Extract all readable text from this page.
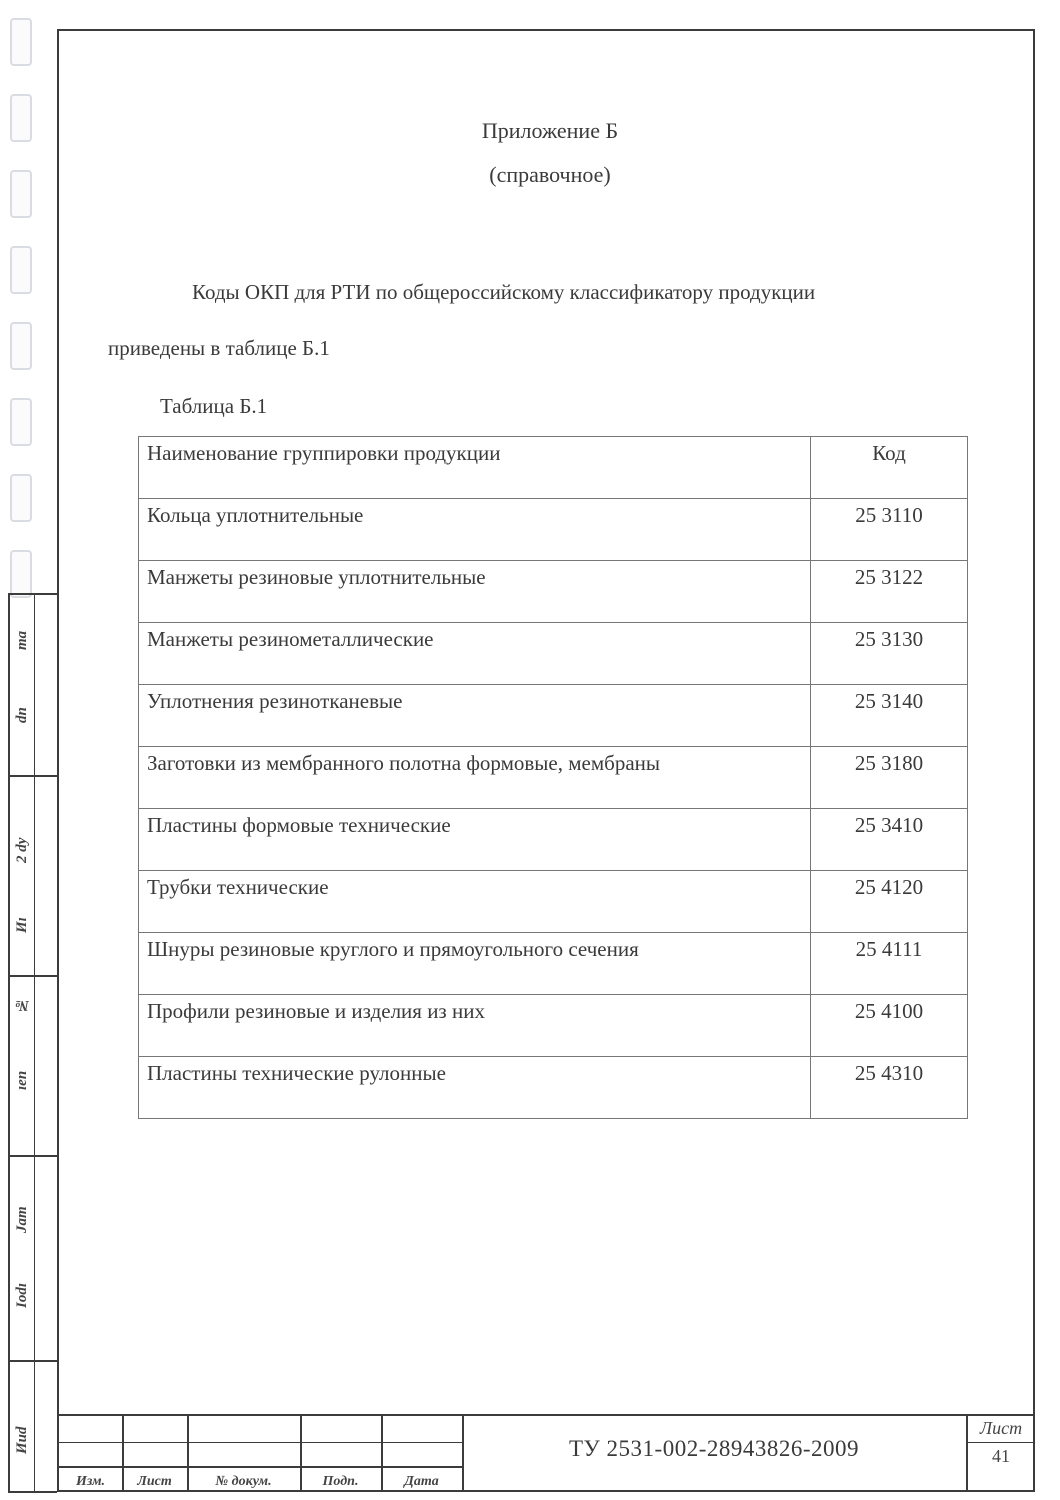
ma
dn
2 dy
Иı
№
ıen
Jam
Iodı
Ииd
Приложение Б
(справочное)
Коды ОКП для РТИ по общероссийскому классификатору продукции
приведены в таблице Б.1
Таблица Б.1
Наименование группировки продукции	Код
Кольца уплотнительные	25 3110
Манжеты резиновые уплотнительные	25 3122
Манжеты резинометаллические	25 3130
Уплотнения резинотканевые	25 3140
Заготовки из мембранного полотна формовые, мембраны	25 3180
Пластины формовые технические	25 3410
Трубки технические	25 4120
Шнуры резиновые круглого и прямоугольного сечения	25 4111
Профили резиновые и изделия из них	25 4100
Пластины технические рулонные	25 4310
Изм.	Лист	№ докум.	Подп.	Дата
ТУ 2531-002-28943826-2009
Лист
41
